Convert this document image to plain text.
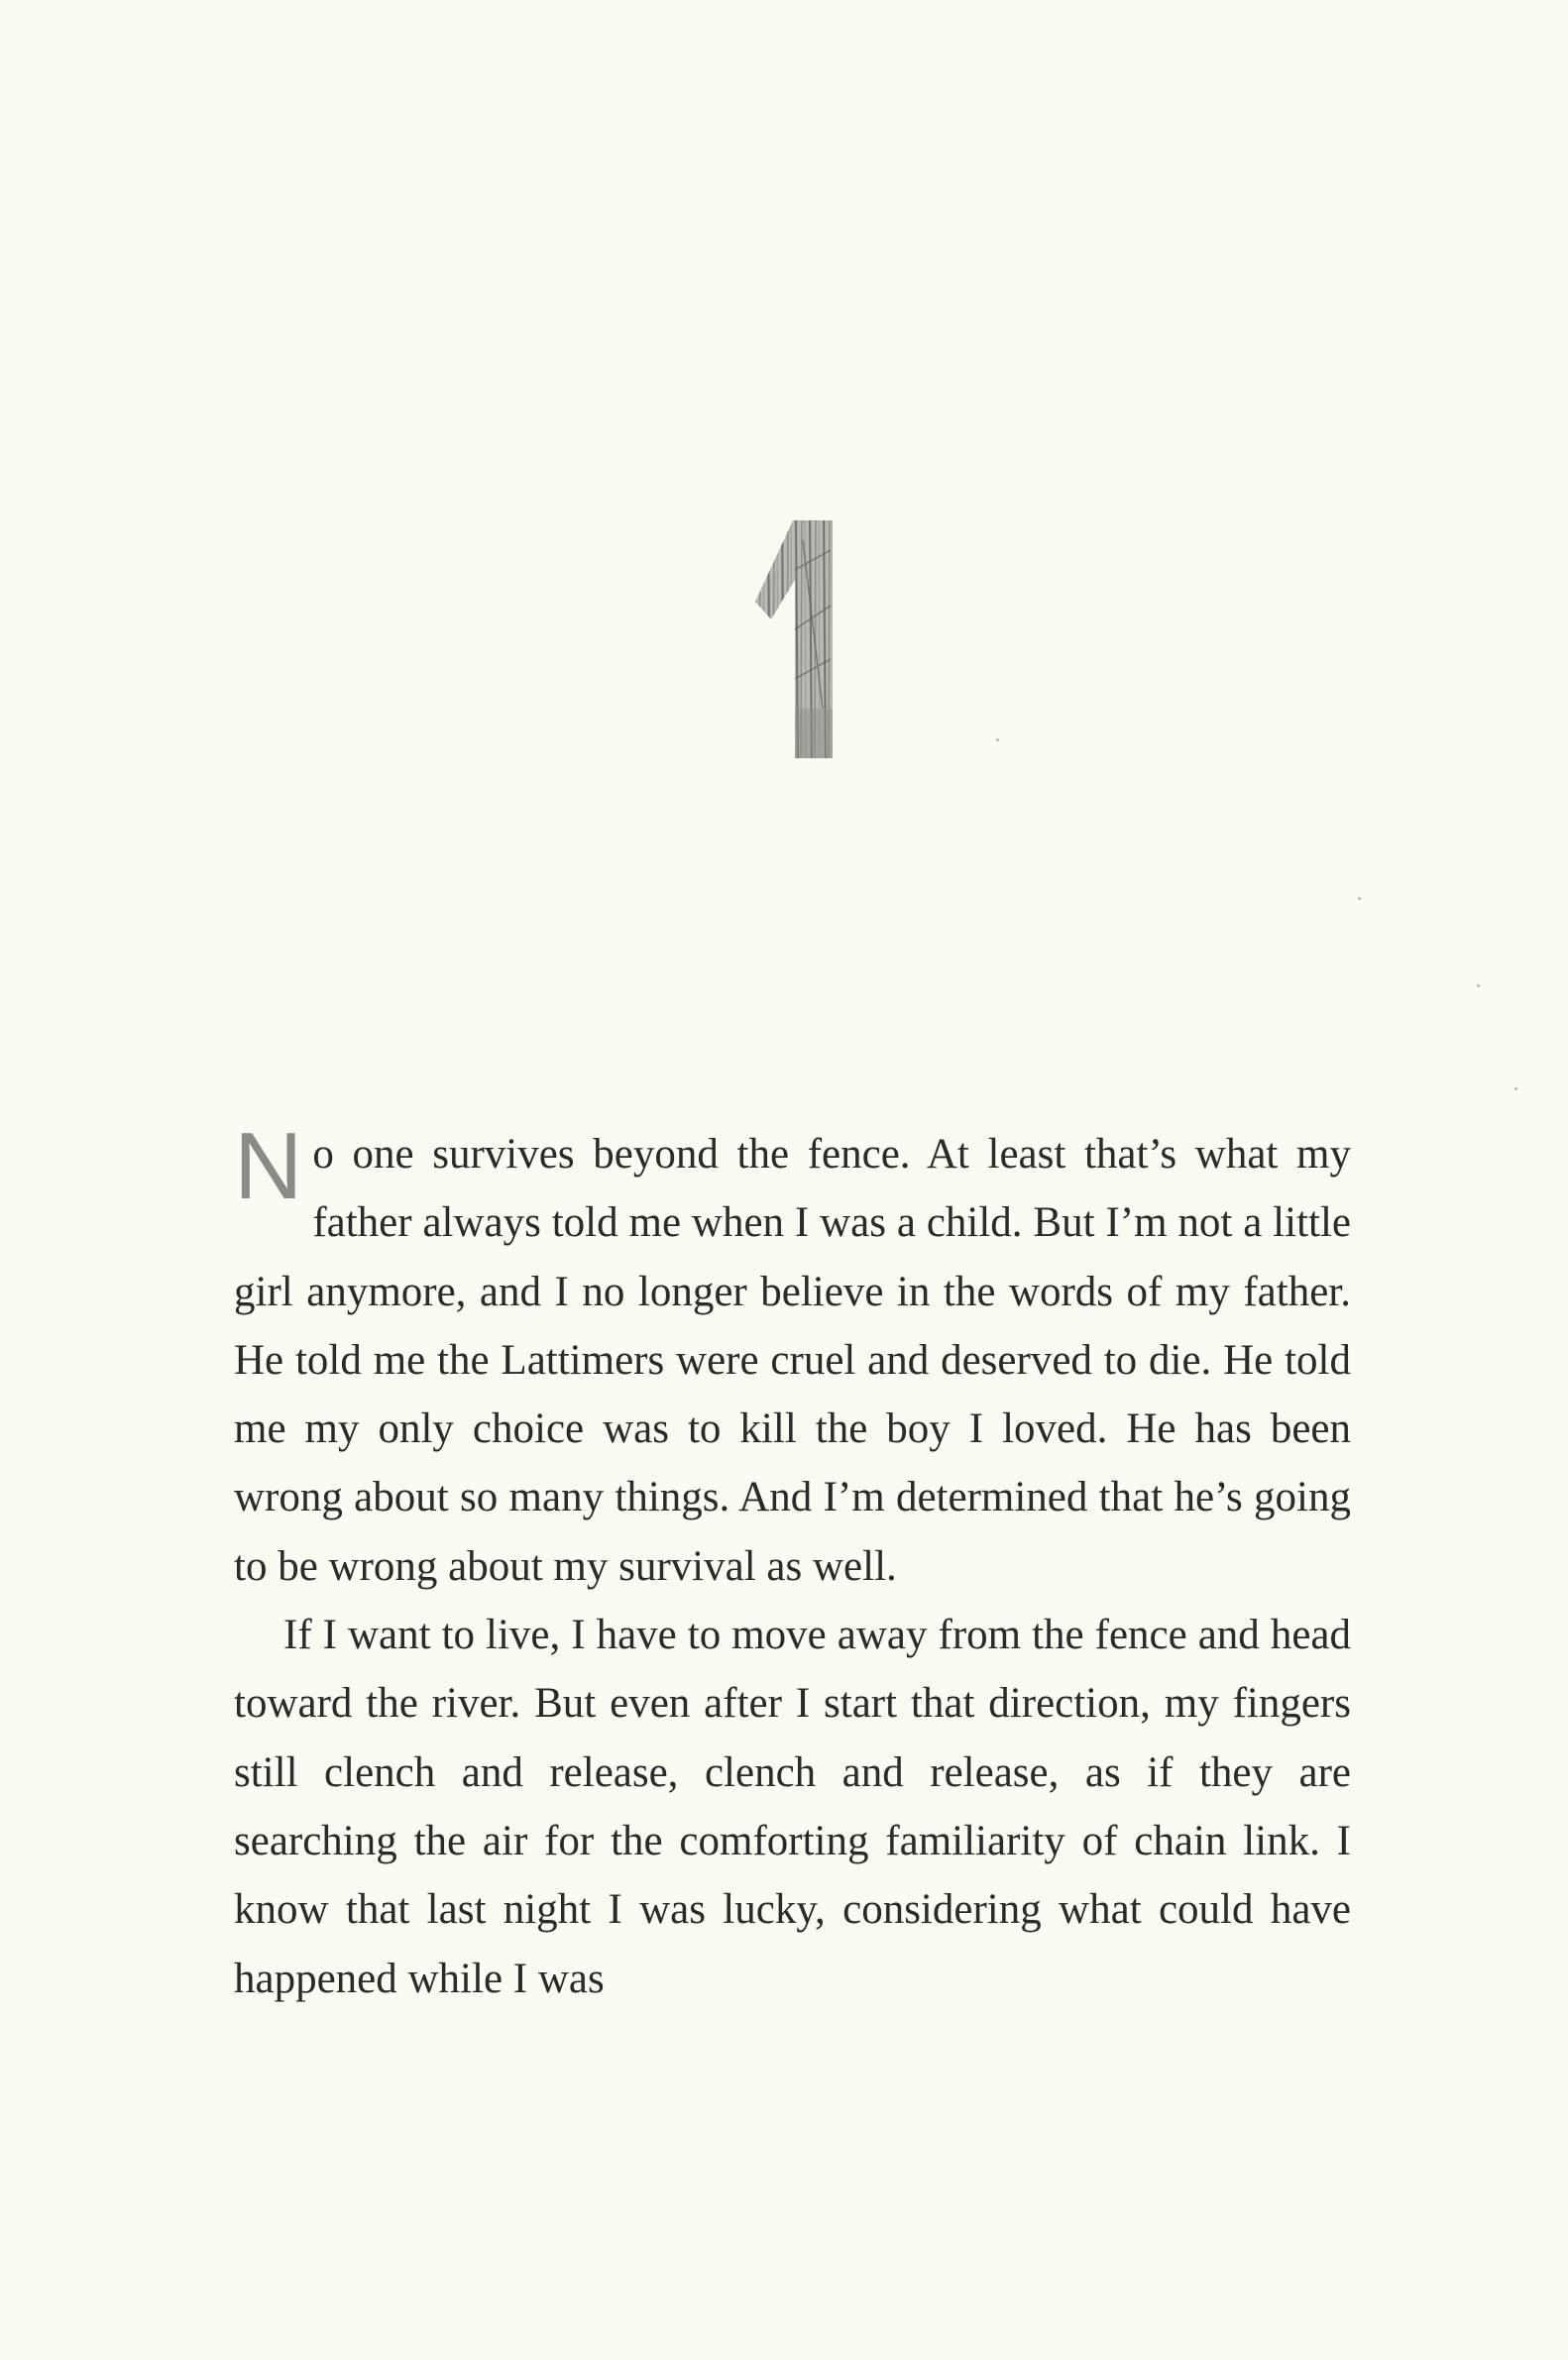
N o one survives beyond the fence. At least that’s what my father always told me when I was a child. But I’m not a little girl anymore, and I no longer believe in the words of my father. He told me the Lattimers were cruel and deserved to die. He told me my only choice was to kill the boy I loved. He has been wrong about so many things. And I’m determined that he’s going to be wrong about my survival as well.

If I want to live, I have to move away from the fence and head toward the river. But even after I start that direction, my fingers still clench and release, clench and release, as if they are searching the air for the comforting familiarity of chain link. I know that last night I was lucky, considering what could have happened while I was
